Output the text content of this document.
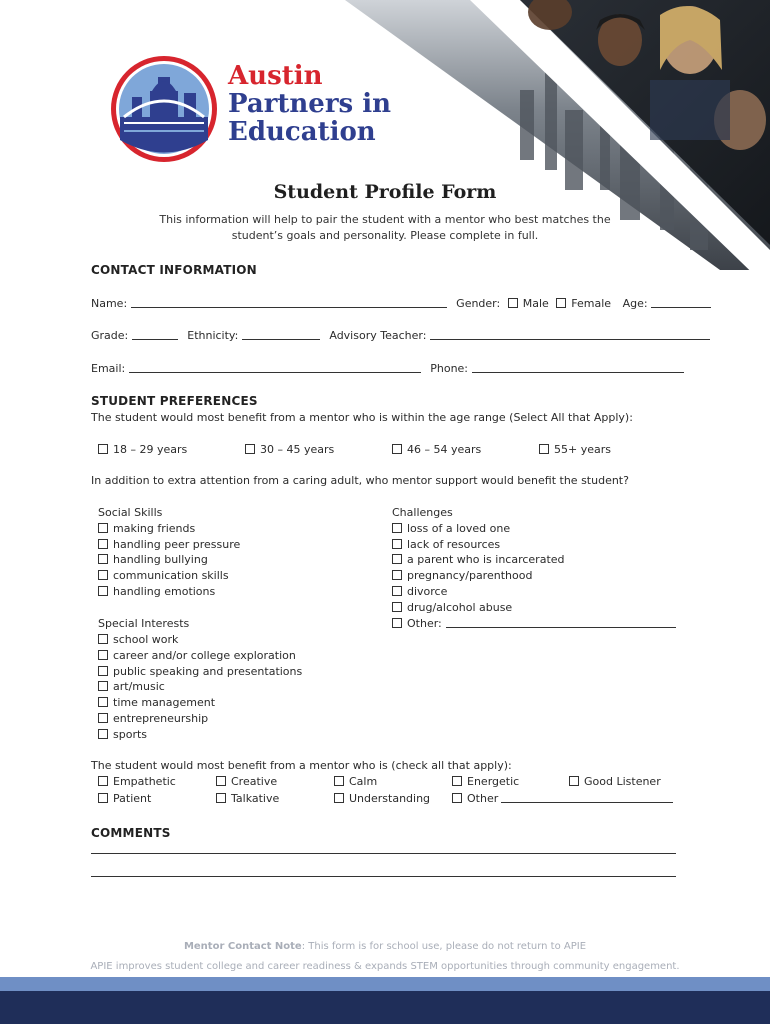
Austin
Partners in
Education
Student Profile Form
This information will help to pair the student with a mentor who best matches the
student’s goals and personality. Please complete in full.
CONTACT INFORMATION
Name:	Gender: Male Female Age:
Grade:	Ethnicity:	Advisory Teacher:
Email:	Phone:
STUDENT PREFERENCES
The student would most benefit from a mentor who is within the age range (Select All that Apply):
18 – 29 years	30 – 45 years	46 – 54 years	55+ years
In addition to extra attention from a caring adult, who mentor support would benefit the student?
Social Skills
making friends
handling peer pressure
handling bullying
communication skills
handling emotions
Challenges
loss of a loved one
lack of resources
a parent who is incarcerated
pregnancy/parenthood
divorce
drug/alcohol abuse
Other:
Special Interests
school work
career and/or college exploration
public speaking and presentations
art/music
time management
entrepreneurship
sports
The student would most benefit from a mentor who is (check all that apply):
Empathetic	Creative	Calm	Energetic	Good Listener
Patient	Talkative	Understanding	Other
COMMENTS
Mentor Contact Note: This form is for school use, please do not return to APIE
APIE improves student college and career readiness & expands STEM opportunities through community engagement.
